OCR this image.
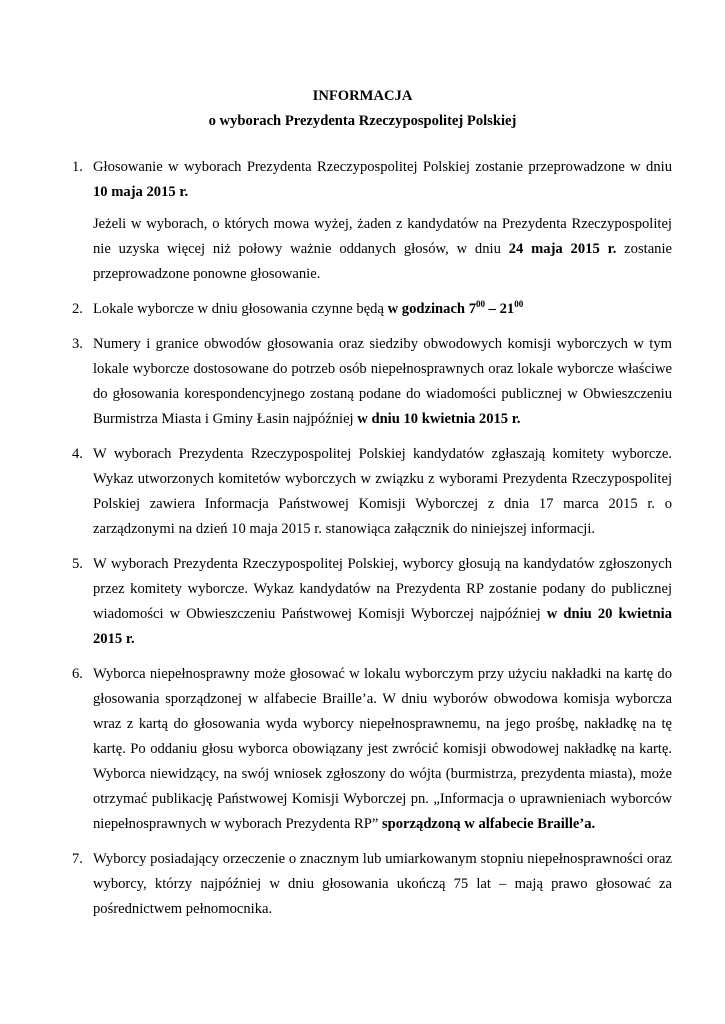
INFORMACJA
o wyborach Prezydenta Rzeczypospolitej Polskiej
1. Głosowanie w wyborach Prezydenta Rzeczypospolitej Polskiej zostanie przeprowadzone w dniu 10 maja 2015 r.

Jeżeli w wyborach, o których mowa wyżej, żaden z kandydatów na Prezydenta Rzeczypospolitej nie uzyska więcej niż połowy ważnie oddanych głosów, w dniu 24 maja 2015 r. zostanie przeprowadzone ponowne głosowanie.

2. Lokale wyborcze w dniu głosowania czynne będą w godzinach $7^{00} - 21^{00}$

3. Numery i granice obwodów głosowania oraz siedziby obwodowych komisji wyborczych w tym lokale wyborcze dostosowane do potrzeb osób niepełnosprawnych oraz lokale wyborcze właściwe do głosowania korespondencyjnego zostaną podane do wiadomości publicznej w Obwieszczeniu Burmistrza Miasta i Gminy Łasin najpóźniej w dniu 10 kwietnia 2015 r.

4. W wyborach Prezydenta Rzeczypospolitej Polskiej kandydatów zgłaszają komitety wyborcze. Wykaz utworzonych komitetów wyborczych w związku z wyborami Prezydenta Rzeczypospolitej Polskiej zawiera Informacja Państwowej Komisji Wyborczej z dnia 17 marca 2015 r. o zarządzonymi na dzień 10 maja 2015 r. stanowiąca załącznik do niniejszej informacji.

5. W wyborach Prezydenta Rzeczypospolitej Polskiej, wyborcy głosują na kandydatów zgłoszonych przez komitety wyborcze. Wykaz kandydatów na Prezydenta RP zostanie podany do publicznej wiadomości w Obwieszczeniu Państwowej Komisji Wyborczej najpóźniej w dniu 20 kwietnia 2015 r.

6. Wyborca niepełnosprawny może głosować w lokalu wyborczym przy użyciu nakładki na kartę do głosowania sporządzonej w alfabecie Braille’a. W dniu wyborów obwodowa komisja wyborcza wraz z kartą do głosowania wyda wyborcy niepełnosprawnemu, na jego prośbę, nakładkę na tę kartę. Po oddaniu głosu wyborca obowiązany jest zwrócić komisji obwodowej nakładkę na kartę. Wyborca niewidzący, na swój wniosek zgłoszony do wójta (burmistrza, prezydenta miasta), może otrzymać publikację Państwowej Komisji Wyborczej pn. „Informacja o uprawnieniach wyborców niepełnosprawnych w wyborach Prezydenta RP” sporządzoną w alfabecie Braille’a.

7. Wyborcy posiadający orzeczenie o znacznym lub umiarkowanym stopniu niepełnosprawności oraz wyborcy, którzy najpóźniej w dniu głosowania ukończą 75 lat – mają prawo głosować za pośrednictwem pełnomocnika.
